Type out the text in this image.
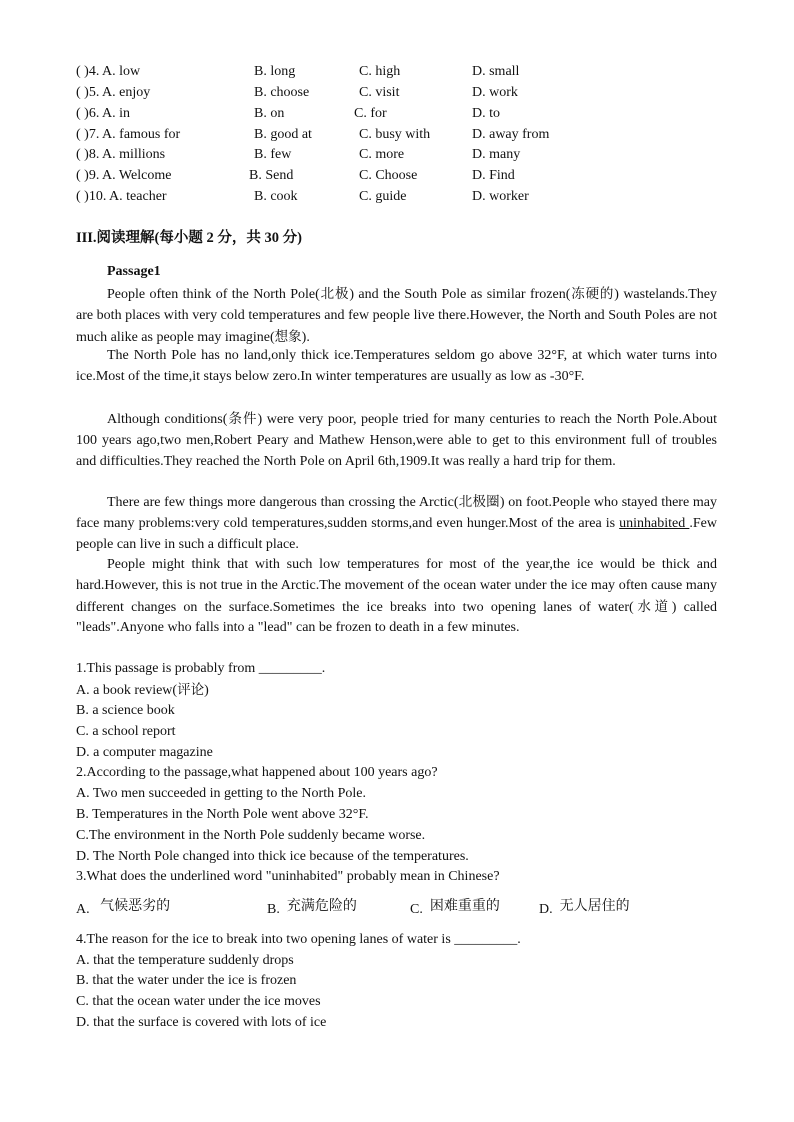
( )4. A. low	B. long	C. high	D. small
( )5. A. enjoy	B. choose	C. visit	D. work
( )6. A. in	B. on	C. for	D. to
( )7. A. famous for	B. good at	C. busy with	D. away from
( )8. A. millions	B. few	C. more	D. many
( )9. A. Welcome	B. Send	C. Choose	D. Find
( )10. A. teacher	B. cook	C. guide	D. worker
III.阅读理解(每小题 2 分，共 30 分)
Passage1
People often think of the North Pole(北极) and the South Pole as similar frozen(冻硬的) wastelands.They are both places with very cold temperatures and few people live there.However, the North and South Poles are not much alike as people may imagine(想象).
The North Pole has no land,only thick ice.Temperatures seldom go above 32°F, at which water turns into ice.Most of the time,it stays below zero.In winter temperatures are usually as low as -30°F.
Although conditions(条件) were very poor, people tried for many centuries to reach the North Pole.About 100 years ago,two men,Robert Peary and Mathew Henson,were able to get to this environment full of troubles and difficulties.They reached the North Pole on April 6th,1909.It was really a hard trip for them.
There are few things more dangerous than crossing the Arctic(北极圈) on foot.People who stayed there may face many problems:very cold temperatures,sudden storms,and even hunger.Most of the area is uninhabited .Few people can live in such a difficult place.
People might think that with such low temperatures for most of the year,the ice would be thick and hard.However, this is not true in the Arctic.The movement of the ocean water under the ice may often cause many different changes on the surface.Sometimes the ice breaks into two opening lanes of water(水道) called "leads".Anyone who falls into a "lead" can be frozen to death in a few minutes.
1.This passage is probably from _________.
A. a book review(评论)
B. a science book
C. a school report
D. a computer magazine
2.According to the passage,what happened about 100 years ago?
A. Two men succeeded in getting to the North Pole.
B. Temperatures in the North Pole went above 32°F.
C.The environment in the North Pole suddenly became worse.
D. The North Pole changed into thick ice because of the temperatures.
3.What does the underlined word "uninhabited" probably mean in Chinese?
A. 气候恶劣的	B. 充满危险的	C. 困难重重的	D. 无人居住的
4.The reason for the ice to break into two opening lanes of water is _________.
A. that the temperature suddenly drops
B. that the water under the ice is frozen
C. that the ocean water under the ice moves
D. that the surface is covered with lots of ice
